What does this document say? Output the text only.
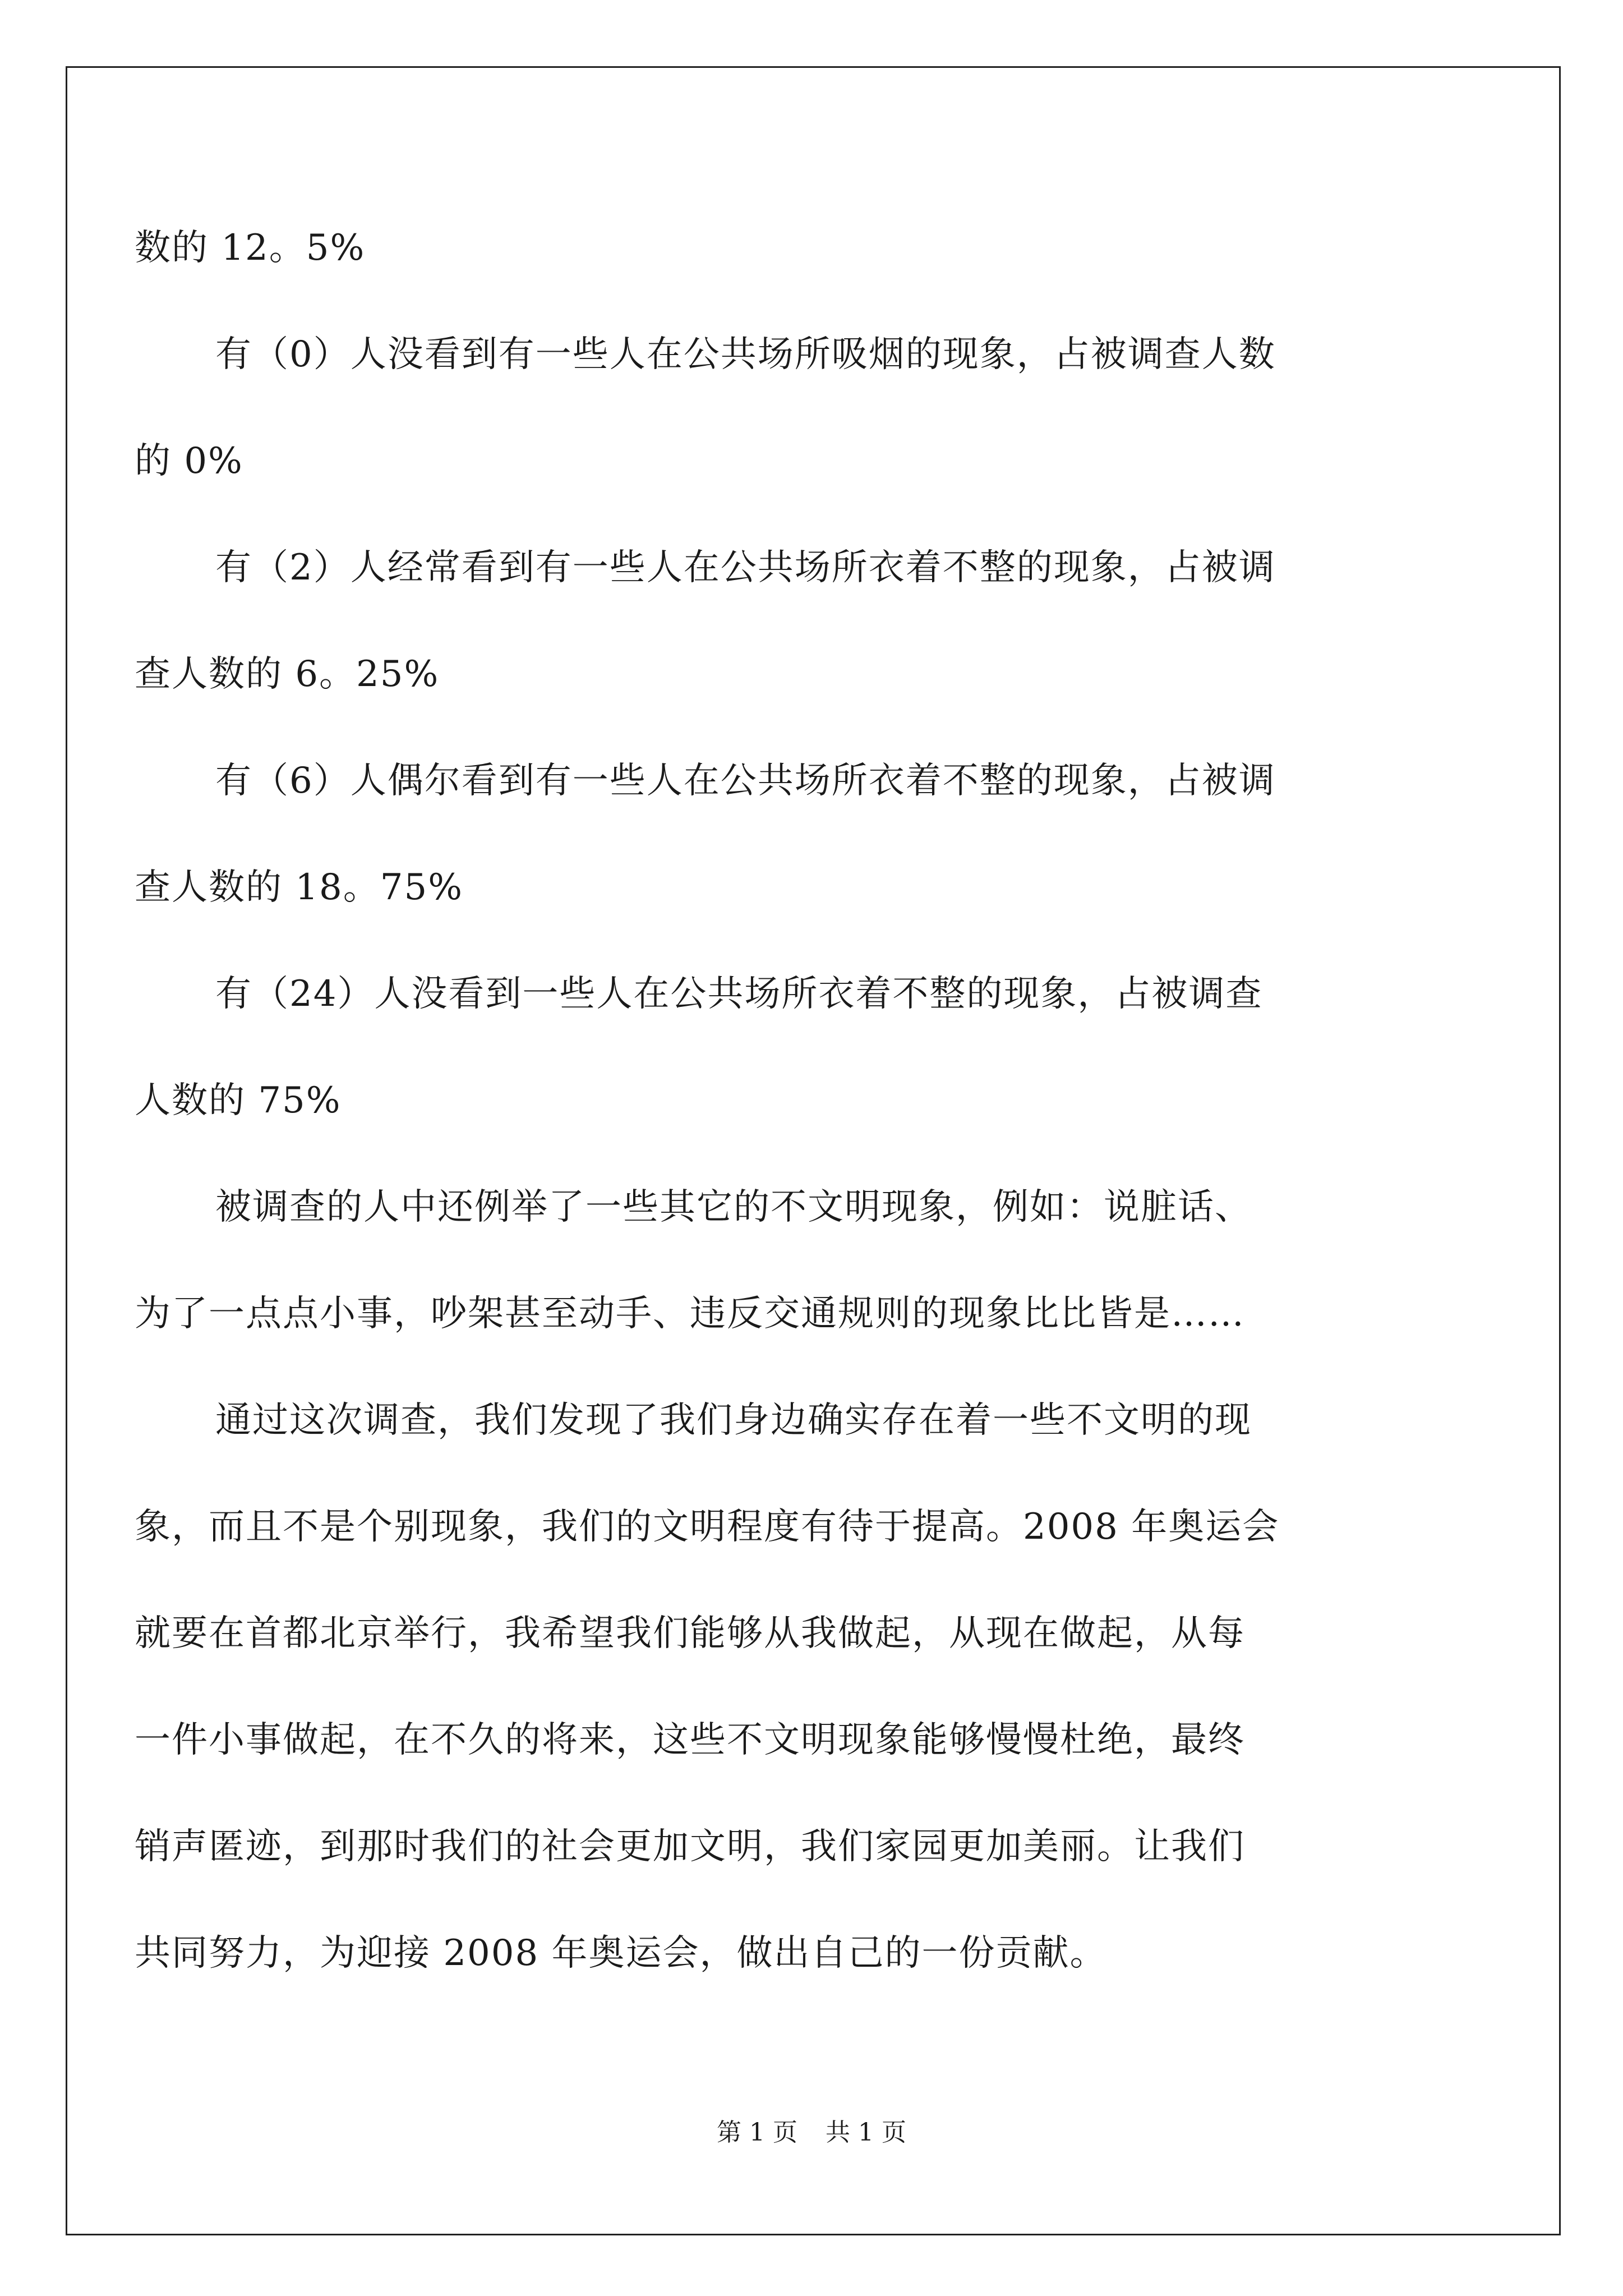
数的 12。5%
有（0）人没看到有一些人在公共场所吸烟的现象，占被调查人数
的 0%
有（2）人经常看到有一些人在公共场所衣着不整的现象，占被调
查人数的 6。25%
有（6）人偶尔看到有一些人在公共场所衣着不整的现象，占被调
查人数的 18。75%
有（24）人没看到一些人在公共场所衣着不整的现象，占被调查
人数的 75%
被调查的人中还例举了一些其它的不文明现象，例如：说脏话、
为了一点点小事，吵架甚至动手、违反交通规则的现象比比皆是……
通过这次调查，我们发现了我们身边确实存在着一些不文明的现
象，而且不是个别现象，我们的文明程度有待于提高。2008 年奥运会
就要在首都北京举行，我希望我们能够从我做起，从现在做起，从每
一件小事做起，在不久的将来，这些不文明现象能够慢慢杜绝，最终
销声匿迹，到那时我们的社会更加文明，我们家园更加美丽。让我们
共同努力，为迎接 2008 年奥运会，做出自己的一份贡献。
第 1 页 共 1 页
